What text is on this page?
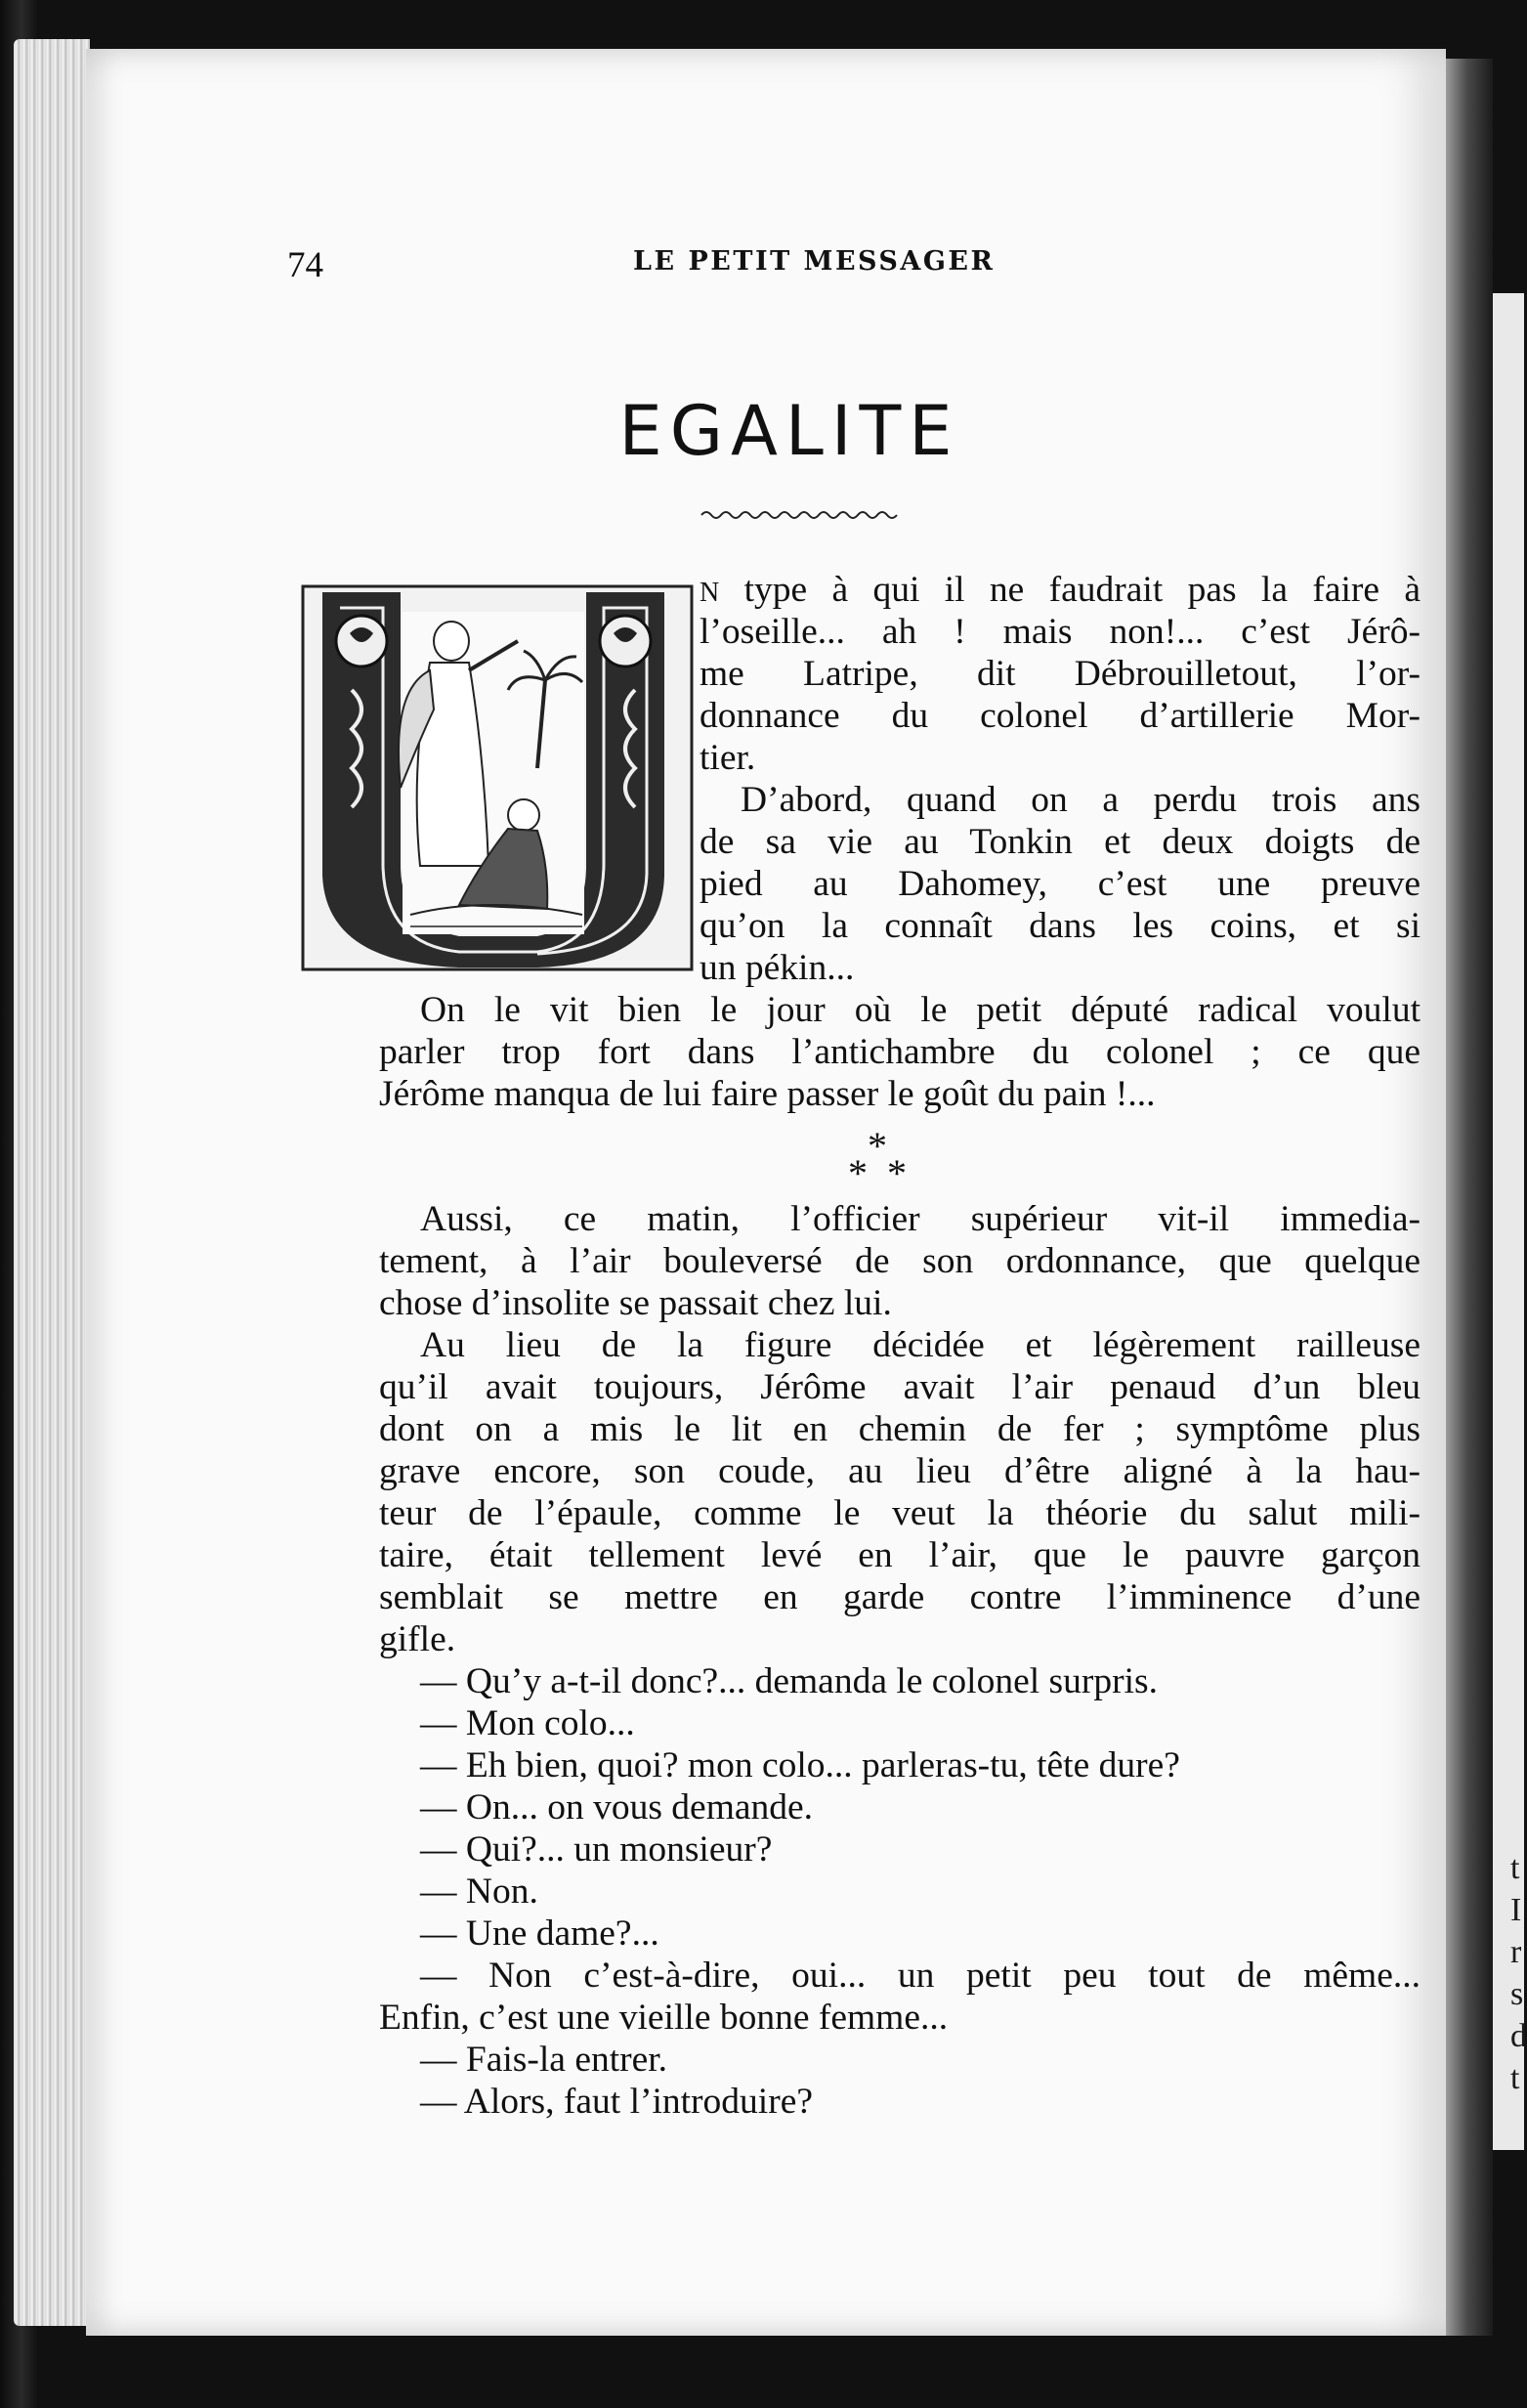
74	LE PETIT MESSAGER
EGALITE
N type à qui il ne faudrait pas la faire à
l’oseille... ah ! mais non!... c’est Jérô-
me Latripe, dit Débrouilletout, l’or-
donnance du colonel d’artillerie Mor-
tier.
D’abord, quand on a perdu trois ans
de sa vie au Tonkin et deux doigts de
pied au Dahomey, c’est une preuve
qu’on la connaît dans les coins, et si
un pékin...
On le vit bien le jour où le petit député radical voulut
parler trop fort dans l’antichambre du colonel ; ce que
Jérôme manqua de lui faire passer le goût du pain !...
*
* *
Aussi, ce matin, l’officier supérieur vit-il immedia-
tement, à l’air bouleversé de son ordonnance, que quelque
chose d’insolite se passait chez lui.
Au lieu de la figure décidée et légèrement railleuse
qu’il avait toujours, Jérôme avait l’air penaud d’un bleu
dont on a mis le lit en chemin de fer ; symptôme plus
grave encore, son coude, au lieu d’être aligné à la hau-
teur de l’épaule, comme le veut la théorie du salut mili-
taire, était tellement levé en l’air, que le pauvre garçon
semblait se mettre en garde contre l’imminence d’une
gifle.
— Qu’y a-t-il donc?... demanda le colonel surpris.
— Mon colo...
— Eh bien, quoi? mon colo... parleras-tu, tête dure?
— On... on vous demande.
— Qui?... un monsieur?
— Non.
— Une dame?...
— Non c’est-à-dire, oui... un petit peu tout de même...
Enfin, c’est une vieille bonne femme...
— Fais-la entrer.
— Alors, faut l’introduire?
t
I
r
s
d
t
